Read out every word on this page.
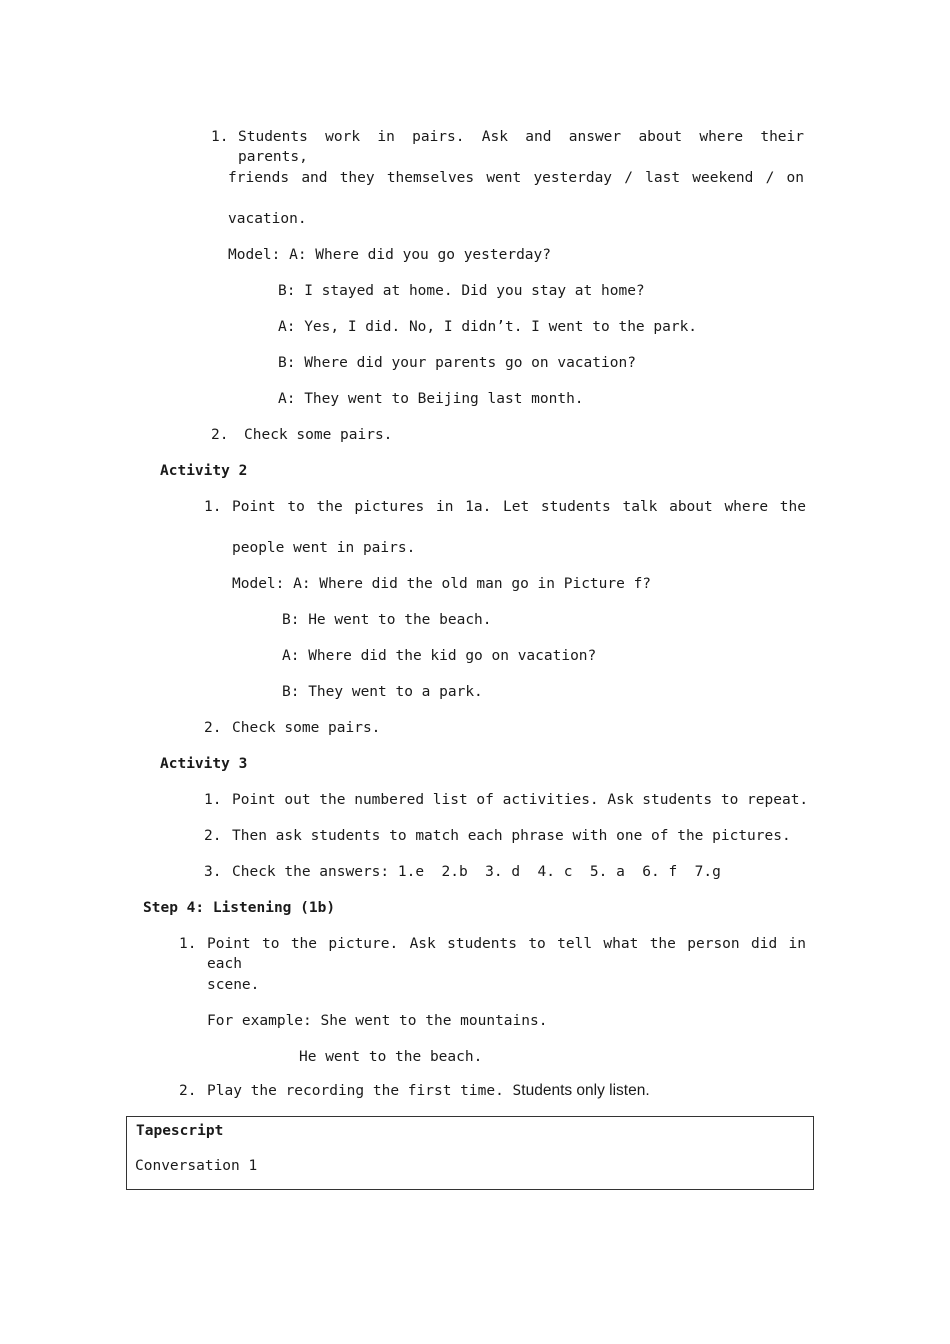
1. Students work in pairs. Ask and answer about where their parents,
friends and they themselves went yesterday / last weekend / on
vacation.
Model: A: Where did you go yesterday?
B: I stayed at home. Did you stay at home?
A: Yes, I did. No, I didn’t. I went to the park.
B: Where did your parents go on vacation?
A: They went to Beijing last month.
2. Check some pairs.
Activity 2
1. Point to the pictures in 1a. Let students talk about where the
people went in pairs.
Model: A: Where did the old man go in Picture f?
B: He went to the beach.
A: Where did the kid go on vacation?
B: They went to a park.
2. Check some pairs.
Activity 3
1. Point out the numbered list of activities. Ask students to repeat.
2. Then ask students to match each phrase with one of the pictures.
3. Check the answers: 1.e  2.b  3. d  4. c  5. a  6. f  7.g
Step 4: Listening (1b)
1. Point to the picture. Ask students to tell what the person did in each
scene.
For example: She went to the mountains.
He went to the beach.
2. Play the recording the first time. Students only listen.
Tapescript
Conversation 1
